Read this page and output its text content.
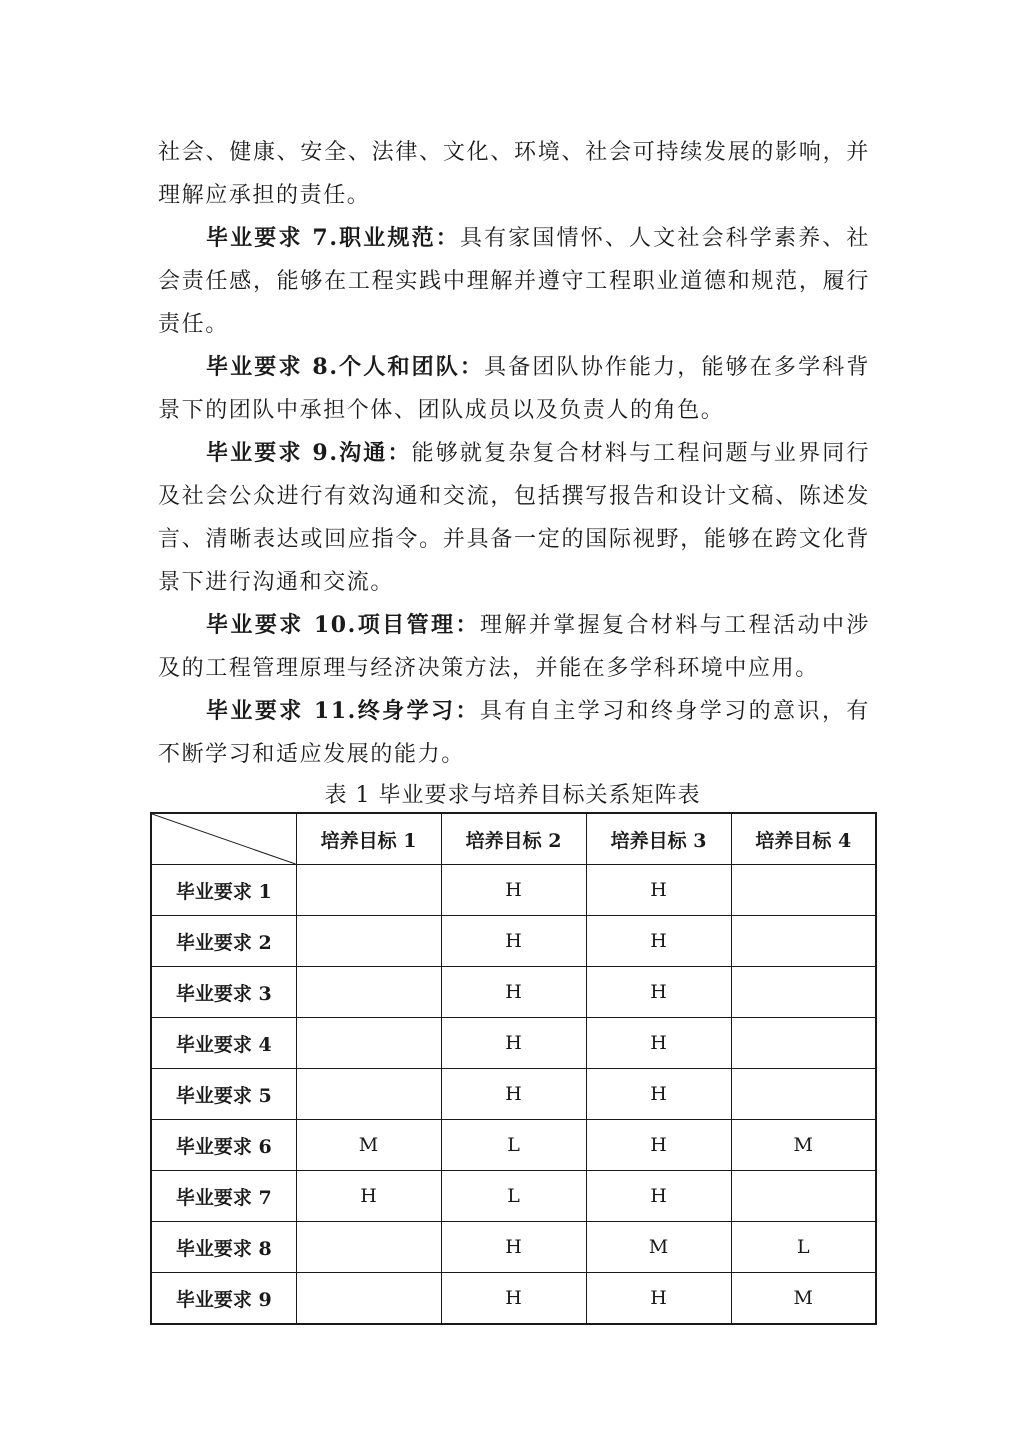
社会、健康、安全、法律、文化、环境、社会可持续发展的影响，并理解应承担的责任。

毕业要求 7.职业规范：具有家国情怀、人文社会科学素养、社会责任感，能够在工程实践中理解并遵守工程职业道德和规范，履行责任。

毕业要求 8.个人和团队：具备团队协作能力，能够在多学科背景下的团队中承担个体、团队成员以及负责人的角色。

毕业要求 9.沟通：能够就复杂复合材料与工程问题与业界同行及社会公众进行有效沟通和交流，包括撰写报告和设计文稿、陈述发言、清晰表达或回应指令。并具备一定的国际视野，能够在跨文化背景下进行沟通和交流。

毕业要求 10.项目管理：理解并掌握复合材料与工程活动中涉及的工程管理原理与经济决策方法，并能在多学科环境中应用。

毕业要求 11.终身学习：具有自主学习和终身学习的意识，有不断学习和适应发展的能力。

表 1 毕业要求与培养目标关系矩阵表
	培养目标 1	培养目标 2	培养目标 3	培养目标 4
毕业要求 1		H	H	
毕业要求 2		H	H	
毕业要求 3		H	H	
毕业要求 4		H	H	
毕业要求 5		H	H	
毕业要求 6	M	L	H	M
毕业要求 7	H	L	H	
毕业要求 8		H	M	L
毕业要求 9		H	H	M
